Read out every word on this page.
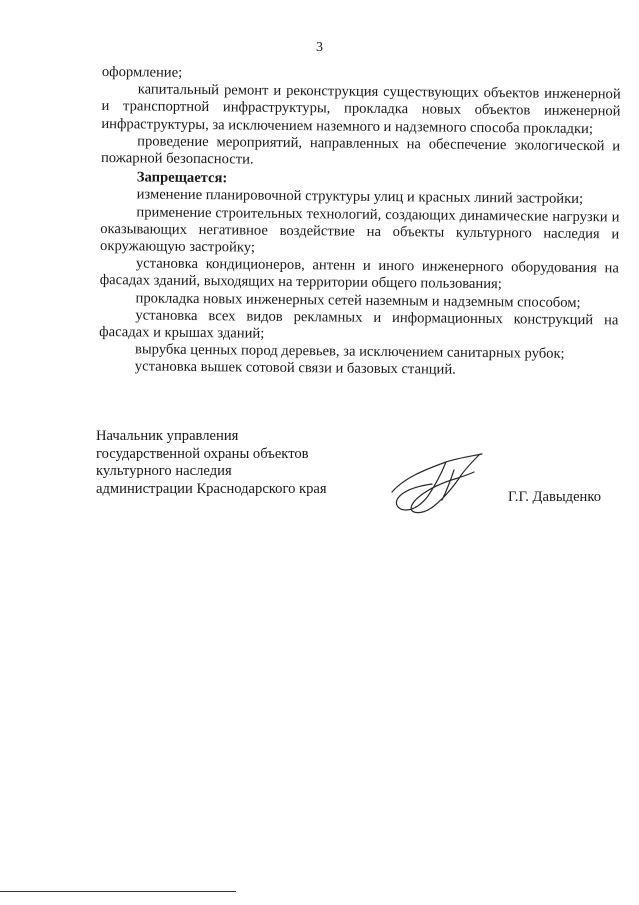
3

оформление;

капитальный ремонт и реконструкция существующих объектов инженерной и транспортной инфраструктуры, прокладка новых объектов инженерной инфраструктуры, за исключением наземного и надземного способа прокладки;

проведение мероприятий, направленных на обеспечение экологической и пожарной безопасности.

Запрещается:

изменение планировочной структуры улиц и красных линий застройки;

применение строительных технологий, создающих динамические нагрузки и оказывающих негативное воздействие на объекты культурного наследия и окружающую застройку;

установка кондиционеров, антенн и иного инженерного оборудования на фасадах зданий, выходящих на территории общего пользования;

прокладка новых инженерных сетей наземным и надземным способом;

установка всех видов рекламных и информационных конструкций на фасадах и крышах зданий;

вырубка ценных пород деревьев, за исключением санитарных рубок;

установка вышек сотовой связи и базовых станций.

Начальник управления
государственной охраны объектов
культурного наследия
администрации Краснодарского края
Г.Г. Давыденко
